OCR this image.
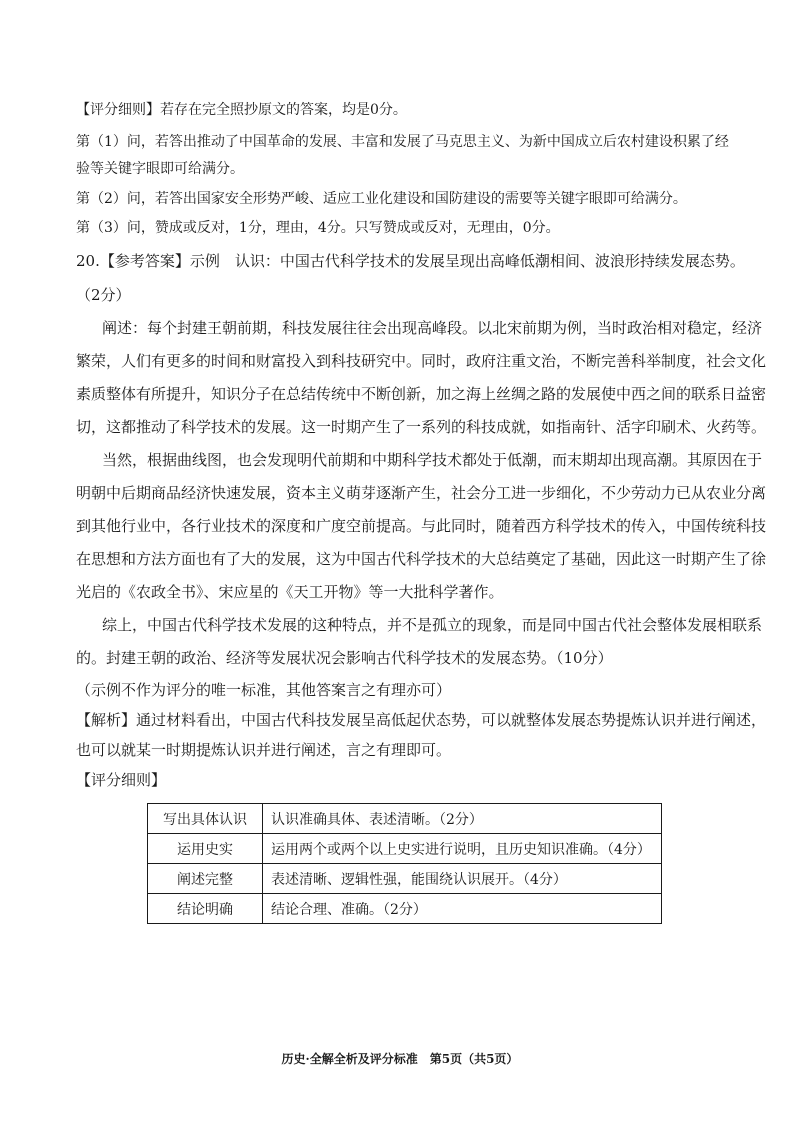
【评分细则】若存在完全照抄原文的答案，均是0分。
第（1）问，若答出推动了中国革命的发展、丰富和发展了马克思主义、为新中国成立后农村建设积累了经
验等关键字眼即可给满分。
第（2）问，若答出国家安全形势严峻、适应工业化建设和国防建设的需要等关键字眼即可给满分。
第（3）问，赞成或反对，1分，理由，4分。只写赞成或反对，无理由，0分。
20.【参考答案】示例　认识：中国古代科学技术的发展呈现出高峰低潮相间、波浪形持续发展态势。
（2分）
阐述：每个封建王朝前期，科技发展往往会出现高峰段。以北宋前期为例，当时政治相对稳定，经济
繁荣，人们有更多的时间和财富投入到科技研究中。同时，政府注重文治，不断完善科举制度，社会文化
素质整体有所提升，知识分子在总结传统中不断创新，加之海上丝绸之路的发展使中西之间的联系日益密
切，这都推动了科学技术的发展。这一时期产生了一系列的科技成就，如指南针、活字印刷术、火药等。
当然，根据曲线图，也会发现明代前期和中期科学技术都处于低潮，而末期却出现高潮。其原因在于
明朝中后期商品经济快速发展，资本主义萌芽逐渐产生，社会分工进一步细化，不少劳动力已从农业分离
到其他行业中，各行业技术的深度和广度空前提高。与此同时，随着西方科学技术的传入，中国传统科技
在思想和方法方面也有了大的发展，这为中国古代科学技术的大总结奠定了基础，因此这一时期产生了徐
光启的《农政全书》、宋应星的《天工开物》等一大批科学著作。
综上，中国古代科学技术发展的这种特点，并不是孤立的现象，而是同中国古代社会整体发展相联系
的。封建王朝的政治、经济等发展状况会影响古代科学技术的发展态势。（10分）
（示例不作为评分的唯一标准，其他答案言之有理亦可）
【解析】通过材料看出，中国古代科技发展呈高低起伏态势，可以就整体发展态势提炼认识并进行阐述，
也可以就某一时期提炼认识并进行阐述，言之有理即可。
【评分细则】
写出具体认识	认识准确具体、表述清晰。（2分）
运用史实	运用两个或两个以上史实进行说明，且历史知识准确。（4分）
阐述完整	表述清晰、逻辑性强，能围绕认识展开。（4分）
结论明确	结论合理、准确。（2分）
历史·全解全析及评分标准　第5页（共5页）
